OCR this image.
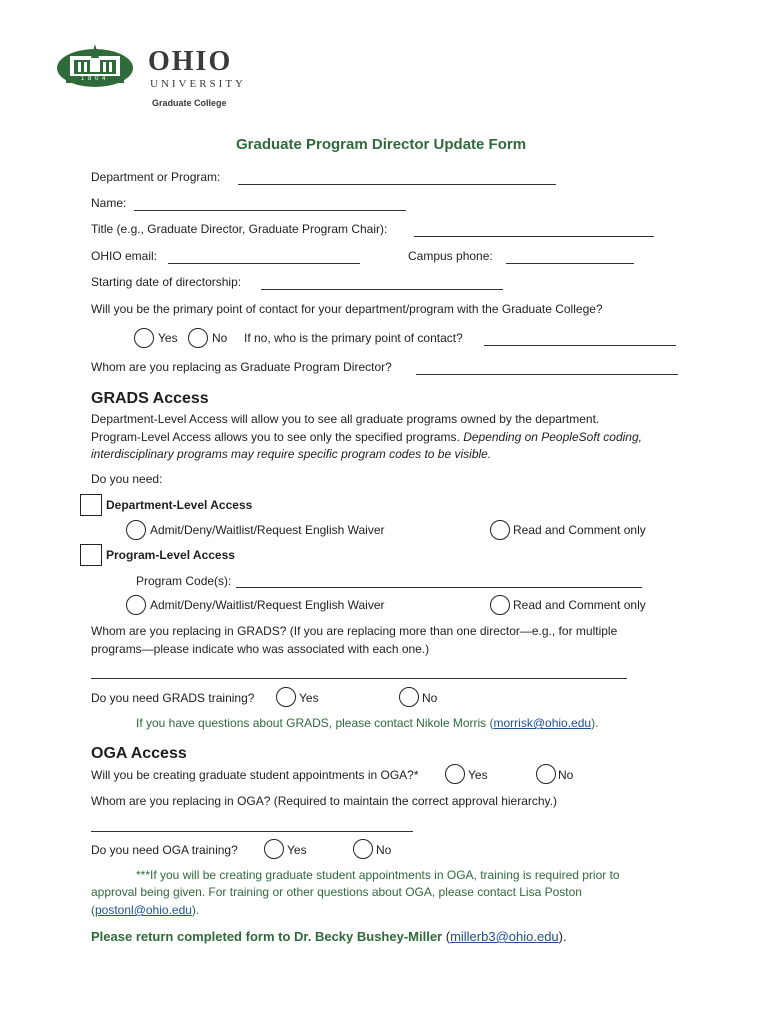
1 8 0 4
OHIO
UNIVERSITY
Graduate College
Graduate Program Director Update Form
Department or Program:
Name:
Title (e.g., Graduate Director, Graduate Program Chair):
OHIO email:	Campus phone:
Starting date of directorship:
Will you be the primary point of contact for your department/program with the Graduate College?
Yes	No If no, who is the primary point of contact?
Whom are you replacing as Graduate Program Director?
GRADS Access
Department-Level Access will allow you to see all graduate programs owned by the department.
Program-Level Access allows you to see only the specified programs. Depending on PeopleSoft coding,
interdisciplinary programs may require specific program codes to be visible.
Do you need:
Department-Level Access
Admit/Deny/Waitlist/Request English Waiver	Read and Comment only
Program-Level Access
Program Code(s):
Admit/Deny/Waitlist/Request English Waiver	Read and Comment only
Whom are you replacing in GRADS? (If you are replacing more than one director—e.g., for multiple
programs—please indicate who was associated with each one.)
Do you need GRADS training?	Yes	No
If you have questions about GRADS, please contact Nikole Morris (morrisk@ohio.edu).
OGA Access
Will you be creating graduate student appointments in OGA?*	Yes	No
Whom are you replacing in OGA? (Required to maintain the correct approval hierarchy.)
Do you need OGA training?	Yes	No
***If you will be creating graduate student appointments in OGA, training is required prior to
approval being given. For training or other questions about OGA, please contact Lisa Poston
(postonl@ohio.edu).
Please return completed form to Dr. Becky Bushey-Miller (millerb3@ohio.edu).
